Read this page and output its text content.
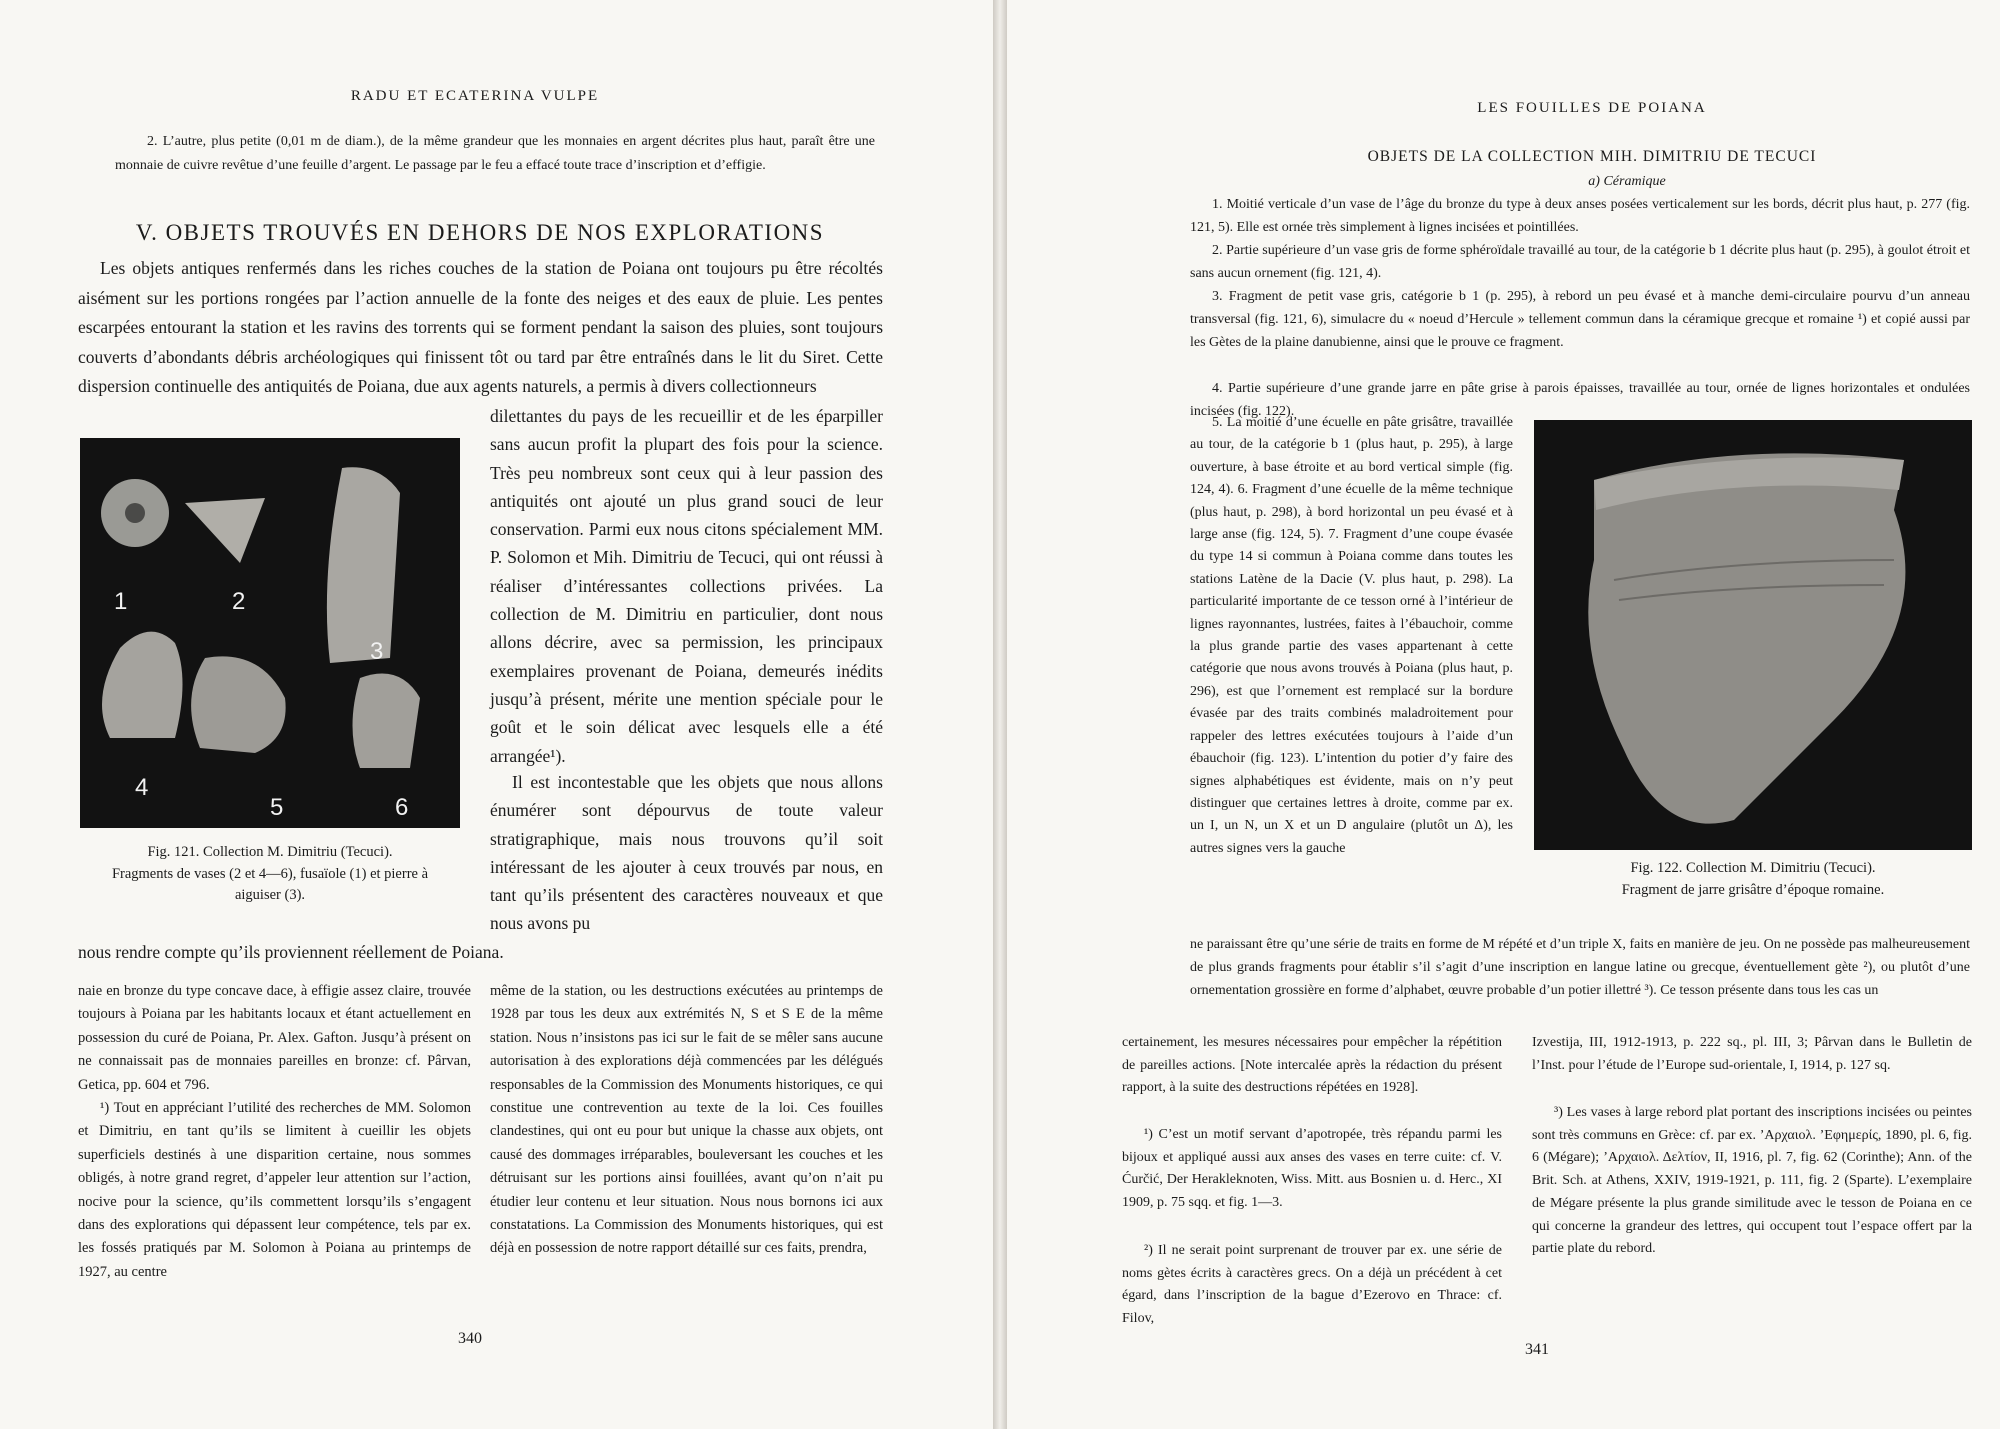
RADU ET ECATERINA VULPE

2. L’autre, plus petite (0,01 m de diam.), de la même grandeur que les monnaies en argent décrites plus haut, paraît être une monnaie de cuivre revêtue d’une feuille d’argent. Le passage par le feu a effacé toute trace d’inscription et d’effigie.

V. OBJETS TROUVÉS EN DEHORS DE NOS EXPLORATIONS

Les objets antiques renfermés dans les riches couches de la station de Poiana ont toujours pu être récoltés aisément sur les portions rongées par l’action annuelle de la fonte des neiges et des eaux de pluie. Les pentes escarpées entourant la station et les ravins des torrents qui se forment pendant la saison des pluies, sont toujours couverts d’abondants débris archéologiques qui finissent tôt ou tard par être entraînés dans le lit du Siret. Cette dispersion continuelle des antiquités de Poiana, due aux agents naturels, a permis à divers collectionneurs

1	2
3
4
5	6
Fig. 121. Collection M. Dimitriu (Tecuci).
Fragments de vases (2 et 4—6), fusaïole (1) et pierre à aiguiser (3).

dilettantes du pays de les recueillir et de les éparpiller sans aucun profit la plupart des fois pour la science. Très peu nombreux sont ceux qui à leur passion des antiquités ont ajouté un plus grand souci de leur conservation. Parmi eux nous citons spécialement MM. P. Solomon et Mih. Dimitriu de Tecuci, qui ont réussi à réaliser d’intéressantes collections privées. La collection de M. Dimitriu en particulier, dont nous allons décrire, avec sa permission, les principaux exemplaires provenant de Poiana, demeurés inédits jusqu’à présent, mérite une mention spéciale pour le goût et le soin délicat avec lesquels elle a été arrangée¹).

Il est incontestable que les objets que nous allons énumérer sont dépourvus de toute valeur stratigraphique, mais nous trouvons qu’il soit intéressant de les ajouter à ceux trouvés par nous, en tant qu’ils présentent des caractères nouveaux et que nous avons pu

nous rendre compte qu’ils proviennent réellement de Poiana.

naie en bronze du type concave dace, à effigie assez claire, trouvée toujours à Poiana par les habitants locaux et étant actuellement en possession du curé de Poiana, Pr. Alex. Gafton. Jusqu’à présent on ne connaissait pas de monnaies pareilles en bronze: cf. Pârvan, Getica, pp. 604 et 796.

¹) Tout en appréciant l’utilité des recherches de MM. Solomon et Dimitriu, en tant qu’ils se limitent à cueillir les objets superficiels destinés à une disparition certaine, nous sommes obligés, à notre grand regret, d’appeler leur attention sur l’action, nocive pour la science, qu’ils commettent lorsqu’ils s’engagent dans des explorations qui dépassent leur compétence, tels par ex. les fossés pratiqués par M. Solomon à Poiana au printemps de 1927, au centre

même de la station, ou les destructions exécutées au printemps de 1928 par tous les deux aux extrémités N, S et S E de la même station. Nous n’insistons pas ici sur le fait de se mêler sans aucune autorisation à des explorations déjà commencées par les délégués responsables de la Commission des Monuments historiques, ce qui constitue une contrevention au texte de la loi. Ces fouilles clandestines, qui ont eu pour but unique la chasse aux objets, ont causé des dommages irréparables, bouleversant les couches et les détruisant sur les portions ainsi fouillées, avant qu’on n’ait pu étudier leur contenu et leur situation. Nous nous bornons ici aux constatations. La Commission des Monuments historiques, qui est déjà en possession de notre rapport détaillé sur ces faits, prendra,

340
LES FOUILLES DE POIANA
OBJETS DE LA COLLECTION MIH. DIMITRIU DE TECUCI
a) Céramique

1. Moitié verticale d’un vase de l’âge du bronze du type à deux anses posées verticalement sur les bords, décrit plus haut, p. 277 (fig. 121, 5). Elle est ornée très simplement à lignes incisées et pointillées.

2. Partie supérieure d’un vase gris de forme sphéroïdale travaillé au tour, de la catégorie b 1 décrite plus haut (p. 295), à goulot étroit et sans aucun ornement (fig. 121, 4).

3. Fragment de petit vase gris, catégorie b 1 (p. 295), à rebord un peu évasé et à manche demi-circulaire pourvu d’un anneau transversal (fig. 121, 6), simulacre du « noeud d’Hercule » tellement commun dans la céramique grecque et romaine ¹) et copié aussi par les Gètes de la plaine danubienne, ainsi que le prouve ce fragment.

4. Partie supérieure d’une grande jarre en pâte grise à parois épaisses, travaillée au tour, ornée de lignes horizontales et ondulées incisées (fig. 122).

5. La moitié d’une écuelle en pâte grisâtre, travaillée au tour, de la catégorie b 1 (plus haut, p. 295), à large ouverture, à base étroite et au bord vertical simple (fig. 124, 4). 6. Fragment d’une écuelle de la même technique (plus haut, p. 298), à bord horizontal un peu évasé et à large anse (fig. 124, 5). 7. Fragment d’une coupe évasée du type 14 si commun à Poiana comme dans toutes les stations Latène de la Dacie (V. plus haut, p. 298). La particularité importante de ce tesson orné à l’intérieur de lignes rayonnantes, lustrées, faites à l’ébauchoir, comme la plus grande partie des vases appartenant à cette catégorie que nous avons trouvés à Poiana (plus haut, p. 296), est que l’ornement est remplacé sur la bordure évasée par des traits combinés maladroitement pour rappeler des lettres exécutées toujours à l’aide d’un ébauchoir (fig. 123). L’intention du potier d’y faire des signes alphabétiques est évidente, mais on n’y peut distinguer que certaines lettres à droite, comme par ex. un I, un N, un X et un D angulaire (plutôt un Δ), les autres signes vers la gauche

Fig. 122. Collection M. Dimitriu (Tecuci).
Fragment de jarre grisâtre d’époque romaine.

ne paraissant être qu’une série de traits en forme de M répété et d’un triple X, faits en manière de jeu. On ne possède pas malheureusement de plus grands fragments pour établir s’il s’agit d’une inscription en langue latine ou grecque, éventuellement gète ²), ou plutôt d’une ornementation grossière en forme d’alphabet, œuvre probable d’un potier illettré ³). Ce tesson présente dans tous les cas un

certainement, les mesures nécessaires pour empêcher la répétition de pareilles actions. [Note intercalée après la rédaction du présent rapport, à la suite des destructions répétées en 1928].

¹) C’est un motif servant d’apotropée, très répandu parmi les bijoux et appliqué aussi aux anses des vases en terre cuite: cf. V. Ćurčić, Der Herakleknoten, Wiss. Mitt. aus Bosnien u. d. Herc., XI 1909, p. 75 sqq. et fig. 1—3.

²) Il ne serait point surprenant de trouver par ex. une série de noms gètes écrits à caractères grecs. On a déjà un précédent à cet égard, dans l’inscription de la bague d’Ezerovo en Thrace: cf. Filov,

Izvestija, III, 1912-1913, p. 222 sq., pl. III, 3; Pârvan dans le Bulletin de l’Inst. pour l’étude de l’Europe sud-orientale, I, 1914, p. 127 sq.

³) Les vases à large rebord plat portant des inscriptions incisées ou peintes sont très communs en Grèce: cf. par ex. ’Αρχαιολ. ’Εφημερίς, 1890, pl. 6, fig. 6 (Mégare); ’Αρχαιολ. Δελτίον, II, 1916, pl. 7, fig. 62 (Corinthe); Ann. of the Brit. Sch. at Athens, XXIV, 1919-1921, p. 111, fig. 2 (Sparte). L’exemplaire de Mégare présente la plus grande similitude avec le tesson de Poiana en ce qui concerne la grandeur des lettres, qui occupent tout l’espace offert par la partie plate du rebord.

341
